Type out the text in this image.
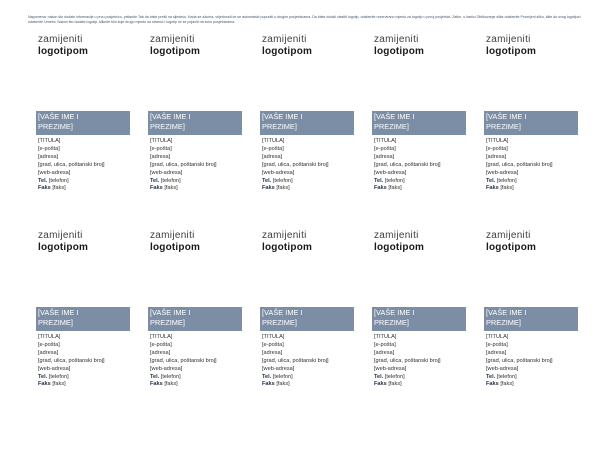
Napomena: nakon što dodate informacije u prvu posjetnicu, pritisnite Tab da biste prešli na sljedeću. Kada se ažurira, vrijednosti će se automatski popuniti u drugim posjetnicama. Da biste dodali vlastiti logotip, odaberite rezervirano mjesto za logotip u prvoj posjetnici. Zatim, u kartici Oblikovanje slike odaberite Promijeni sliku, idite do svog logotipa i odaberite Umetni. Nakon što dodate logotip, kliknite bilo koje drugo mjesto na stranici i logotip će se pojaviti na svim posjetnicama.
zamijeniti
logotipom
[VAŠE IME I
PREZIME]
[TITULA]
[e-pošta]
[adresa]
[grad, ulica, poštanski broj]
[web-adresa]
Tel. [telefon]
Faks [faks]
zamijeniti
logotipom
[VAŠE IME I
PREZIME]
[TITULA]
[e-pošta]
[adresa]
[grad, ulica, poštanski broj]
[web-adresa]
Tel. [telefon]
Faks [faks]
zamijeniti
logotipom
[VAŠE IME I
PREZIME]
[TITULA]
[e-pošta]
[adresa]
[grad, ulica, poštanski broj]
[web-adresa]
Tel. [telefon]
Faks [faks]
zamijeniti
logotipom
[VAŠE IME I
PREZIME]
[TITULA]
[e-pošta]
[adresa]
[grad, ulica, poštanski broj]
[web-adresa]
Tel. [telefon]
Faks [faks]
zamijeniti
logotipom
[VAŠE IME I
PREZIME]
[TITULA]
[e-pošta]
[adresa]
[grad, ulica, poštanski broj]
[web-adresa]
Tel. [telefon]
Faks [faks]
zamijeniti
logotipom
[VAŠE IME I
PREZIME]
[TITULA]
[e-pošta]
[adresa]
[grad, ulica, poštanski broj]
[web-adresa]
Tel. [telefon]
Faks [faks]
zamijeniti
logotipom
[VAŠE IME I
PREZIME]
[TITULA]
[e-pošta]
[adresa]
[grad, ulica, poštanski broj]
[web-adresa]
Tel. [telefon]
Faks [faks]
zamijeniti
logotipom
[VAŠE IME I
PREZIME]
[TITULA]
[e-pošta]
[adresa]
[grad, ulica, poštanski broj]
[web-adresa]
Tel. [telefon]
Faks [faks]
zamijeniti
logotipom
[VAŠE IME I
PREZIME]
[TITULA]
[e-pošta]
[adresa]
[grad, ulica, poštanski broj]
[web-adresa]
Tel. [telefon]
Faks [faks]
zamijeniti
logotipom
[VAŠE IME I
PREZIME]
[TITULA]
[e-pošta]
[adresa]
[grad, ulica, poštanski broj]
[web-adresa]
Tel. [telefon]
Faks [faks]
